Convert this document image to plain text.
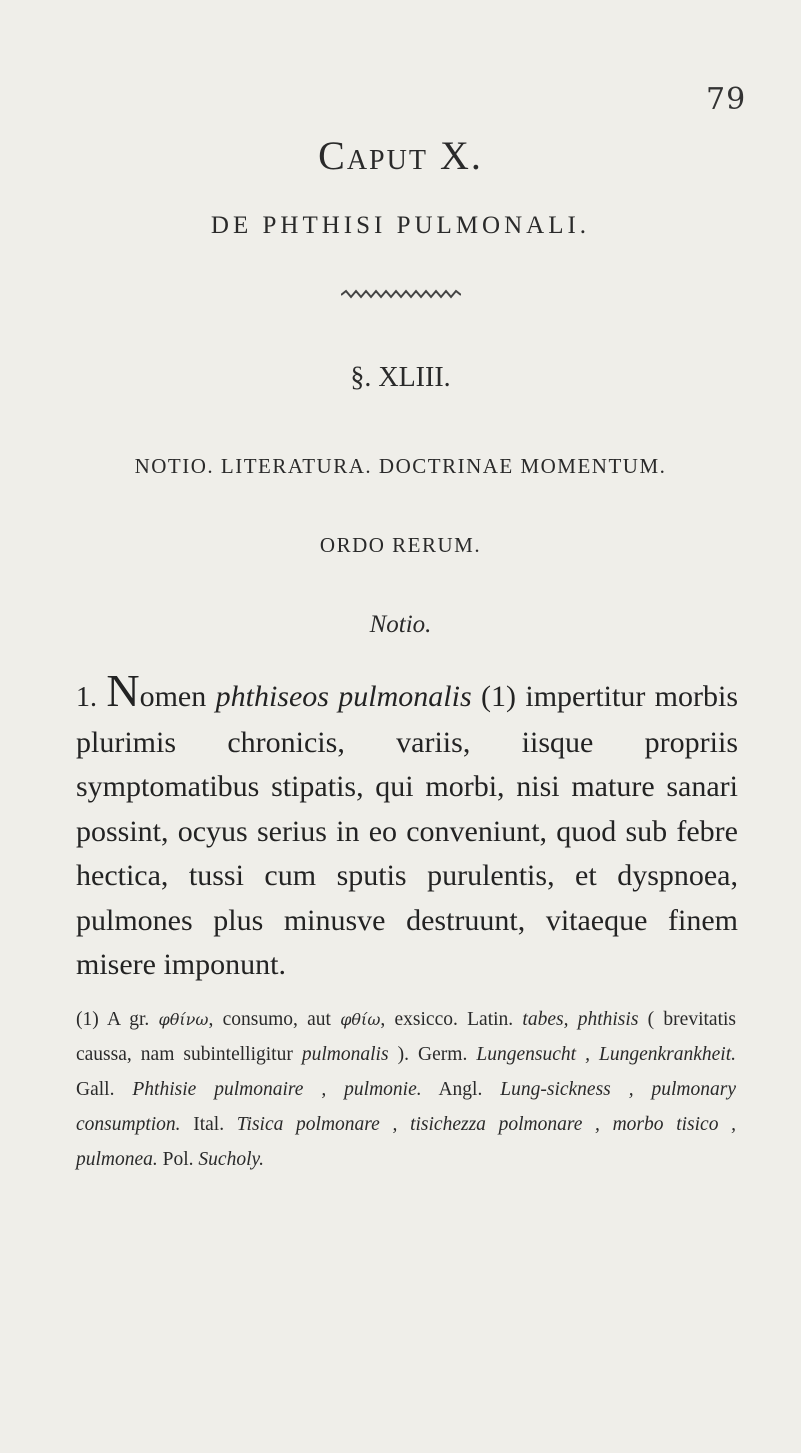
79
Caput X.
DE PHTHISI PULMONALI.
§. XLIII.
NOTIO. LITERATURA. DOCTRINAE MOMENTUM.
ORDO RERUM.
Notio.
1. Nomen phthiseos pulmonalis (1) impertitur morbis plurimis chronicis, variis, iisque propriis symptomatibus stipatis, qui morbi, nisi mature sanari possint, ocyus serius in eo conveniunt, quod sub febre hectica, tussi cum sputis purulentis, et dyspnoea, pulmones plus minusve destruunt, vitaeque finem misere imponunt.
(1) A gr. φθίνω, consumo, aut φθίω, exsicco. Latin. tabes, phthisis ( brevitatis caussa, nam subintelligitur pulmonalis ). Germ. Lungensucht , Lungenkrankheit. Gall. Phthisie pulmonaire , pulmonie. Angl. Lung-sickness , pulmonary consumption. Ital. Tisica polmonare , tisichezza polmonare , morbo tisico , pulmonea. Pol. Sucholy.
